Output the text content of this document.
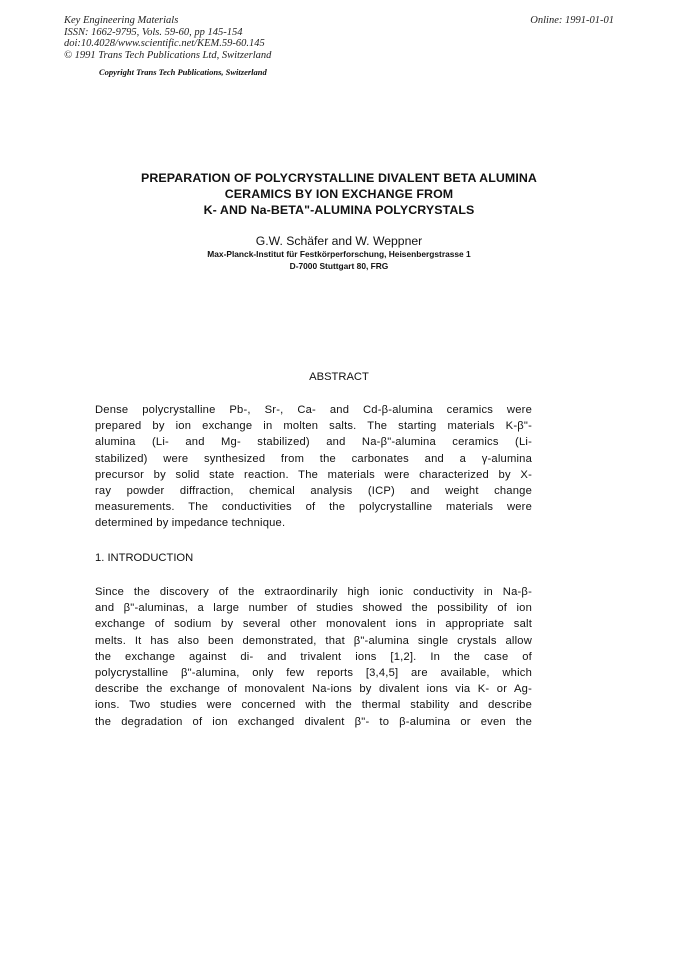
Key Engineering Materials
ISSN: 1662-9795, Vols. 59-60, pp 145-154
doi:10.4028/www.scientific.net/KEM.59-60.145
© 1991 Trans Tech Publications Ltd, Switzerland
Online: 1991-01-01
Copyright Trans Tech Publications, Switzerland
PREPARATION OF POLYCRYSTALLINE DIVALENT BETA ALUMINA
CERAMICS BY ION EXCHANGE FROM
K- AND Na-BETA"-ALUMINA POLYCRYSTALS
G.W. Schäfer and W. Weppner
Max-Planck-Institut für Festkörperforschung, Heisenbergstrasse 1
D-7000 Stuttgart 80, FRG
ABSTRACT
Dense polycrystalline Pb-, Sr-, Ca- and Cd-β-alumina ceramics were
prepared by ion exchange in molten salts. The starting materials K-β"-
alumina (Li- and Mg- stabilized) and Na-β"-alumina ceramics (Li-
stabilized) were synthesized from the carbonates and a γ-alumina
precursor by solid state reaction. The materials were characterized by X-
ray powder diffraction, chemical analysis (ICP) and weight change
measurements. The conductivities of the polycrystalline materials were
determined by impedance technique.
1. INTRODUCTION
Since the discovery of the extraordinarily high ionic conductivity in Na-β-
and β"-aluminas, a large number of studies showed the possibility of ion
exchange of sodium by several other monovalent ions in appropriate salt
melts. It has also been demonstrated, that β"-alumina single crystals allow
the exchange against di- and trivalent ions [1,2]. In the case of
polycrystalline β"-alumina, only few reports [3,4,5] are available, which
describe the exchange of monovalent Na-ions by divalent ions via K- or Ag-
ions. Two studies were concerned with the thermal stability and describe
the degradation of ion exchanged divalent β"- to β-alumina or even the
